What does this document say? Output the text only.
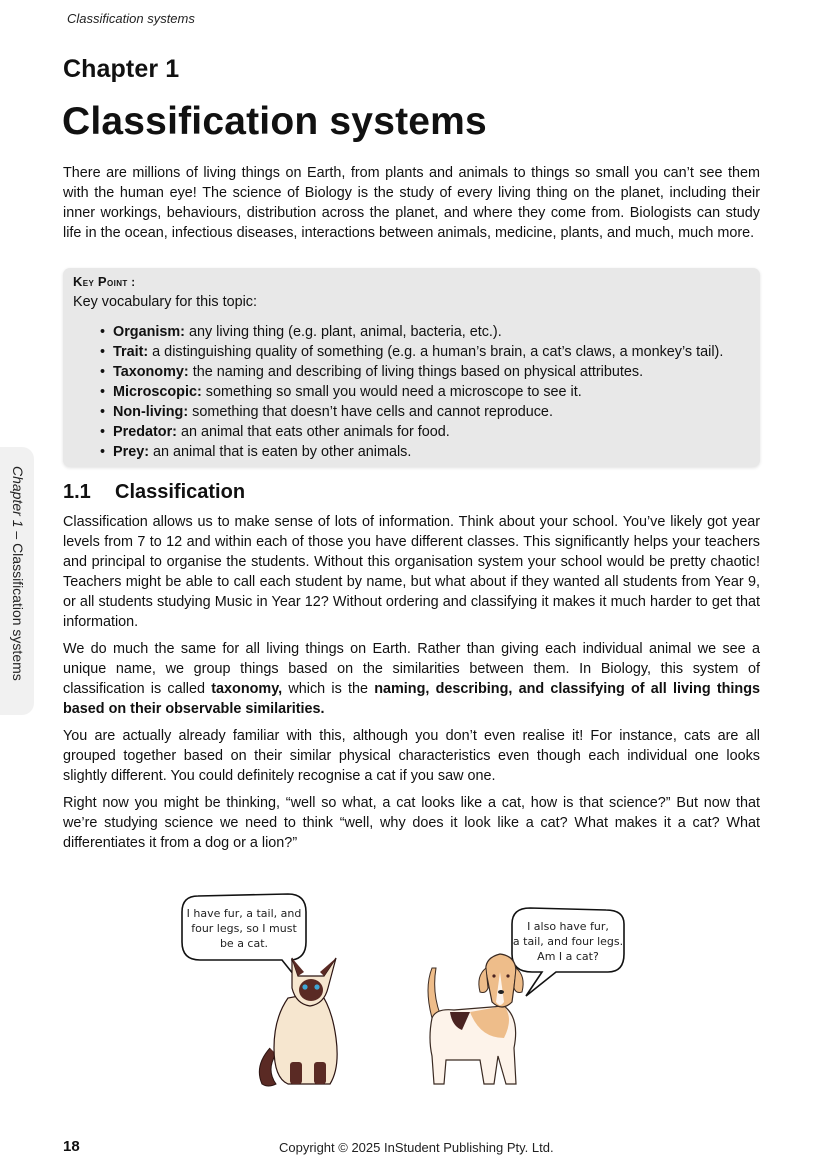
Classification systems
Chapter 1
Classification systems

There are millions of living things on Earth, from plants and animals to things so small you can’t see them with the human eye! The science of Biology is the study of every living thing on the planet, including their inner workings, behaviours, distribution across the planet, and where they come from. Biologists can study life in the ocean, infectious diseases, interactions between animals, medicine, plants, and much, much more.

Key Point :
Key vocabulary for this topic:
• Organism: any living thing (e.g. plant, animal, bacteria, etc.).
• Trait: a distinguishing quality of something (e.g. a human’s brain, a cat’s claws, a monkey’s tail).
• Taxonomy: the naming and describing of living things based on physical attributes.
• Microscopic: something so small you would need a microscope to see it.
• Non-living: something that doesn’t have cells and cannot reproduce.
• Predator: an animal that eats other animals for food.
• Prey: an animal that is eaten by other animals.
1.1 Classification

Classification allows us to make sense of lots of information. Think about your school. You’ve likely got year levels from 7 to 12 and within each of those you have different classes. This significantly helps your teachers and principal to organise the students. Without this organisation system your school would be pretty chaotic! Teachers might be able to call each student by name, but what about if they wanted all students from Year 9, or all students studying Music in Year 12? Without ordering and classifying it makes it much harder to get that information.

We do much the same for all living things on Earth. Rather than giving each individual animal we see a unique name, we group things based on the similarities between them. In Biology, this system of classification is called taxonomy, which is the naming, describing, and classifying of all living things based on their observable similarities.

You are actually already familiar with this, although you don’t even realise it! For instance, cats are all grouped together based on their similar physical characteristics even though each individual one looks slightly different. You could definitely recognise a cat if you saw one.

Right now you might be thinking, “well so what, a cat looks like a cat, how is that science?” But now that we’re studying science we need to think “well, why does it look like a cat? What makes it a cat? What differentiates it from a dog or a lion?”

Chapter 1 – Classification systems
I have fur, a tail, and
four legs, so I must
be a cat.
I also have fur,
a tail, and four legs.
Am I a cat?
18	Copyright © 2025 InStudent Publishing Pty. Ltd.
